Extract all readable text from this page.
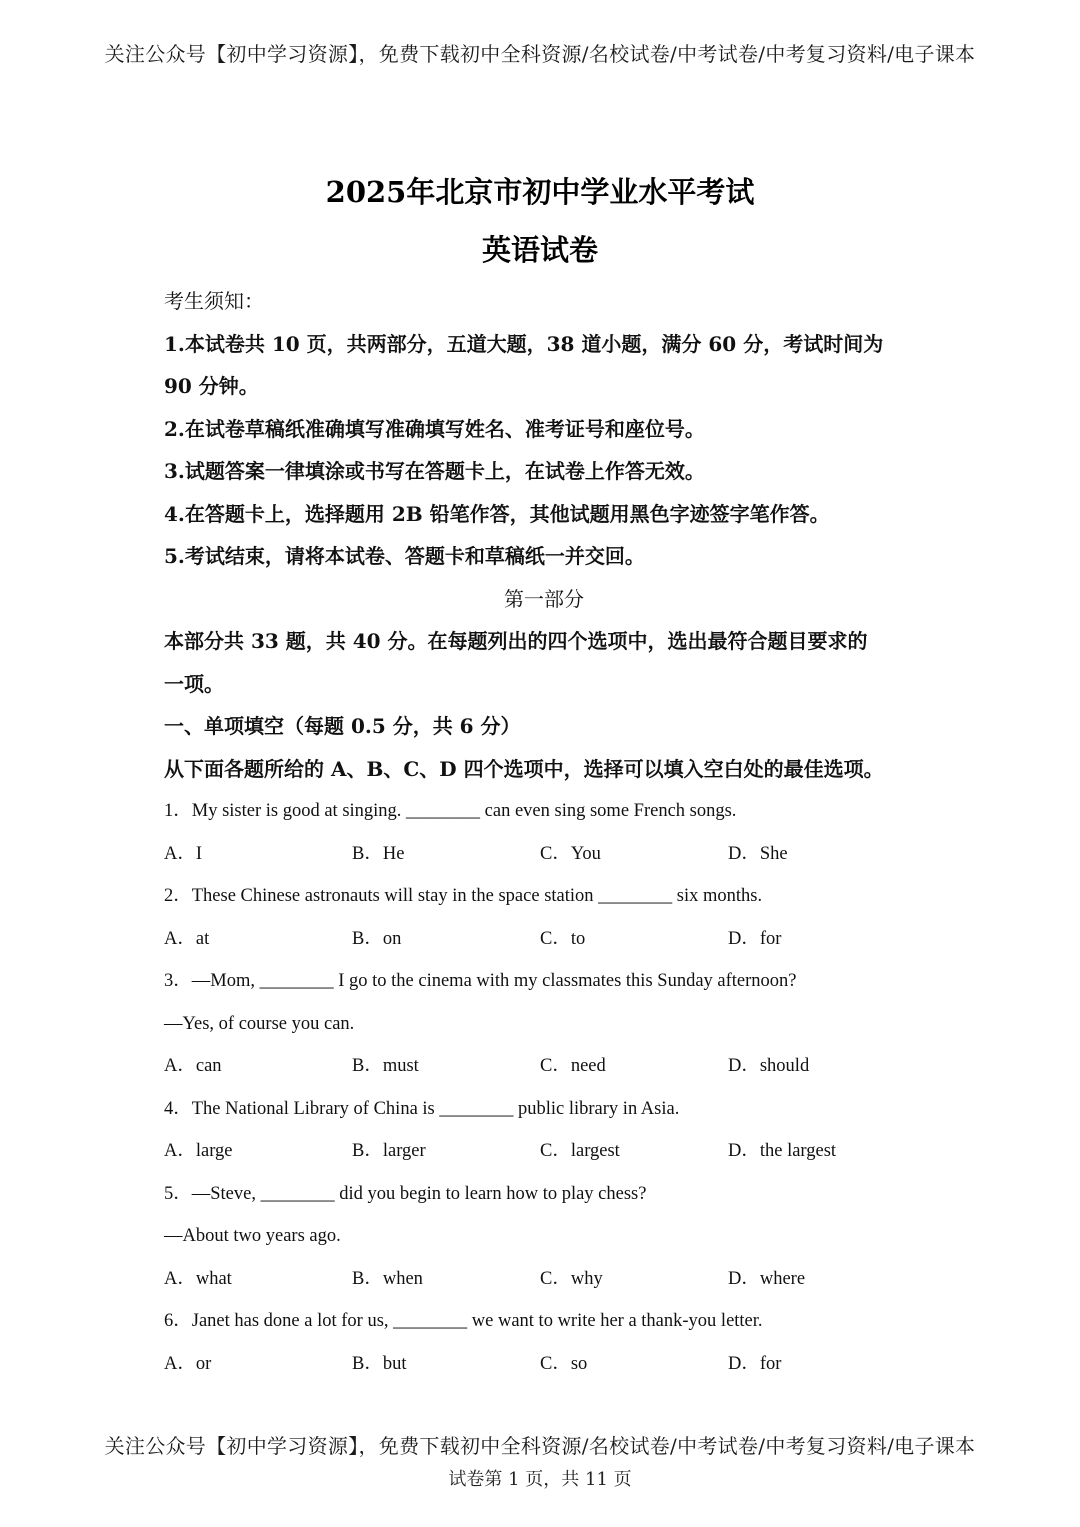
关注公众号【初中学习资源】，免费下载初中全科资源/名校试卷/中考试卷/中考复习资料/电子课本
2025年北京市初中学业水平考试
英语试卷
考生须知：
1.本试卷共 10 页，共两部分，五道大题，38 道小题，满分 60 分，考试时间为
90 分钟。
2.在试卷草稿纸准确填写准确填写姓名、准考证号和座位号。
3.试题答案一律填涂或书写在答题卡上，在试卷上作答无效。
4.在答题卡上，选择题用 2B 铅笔作答，其他试题用黑色字迹签字笔作答。
5.考试结束，请将本试卷、答题卡和草稿纸一并交回。
第一部分
本部分共 33 题，共 40 分。在每题列出的四个选项中，选出最符合题目要求的
一项。
一、单项填空（每题 0.5 分，共 6 分）
从下面各题所给的 A、B、C、D 四个选项中，选择可以填入空白处的最佳选项。
1．My sister is good at singing. ________ can even sing some French songs.
A．I	B．He	C．You	D．She
2．These Chinese astronauts will stay in the space station ________ six months.
A．at	B．on	C．to	D．for
3．—Mom, ________ I go to the cinema with my classmates this Sunday afternoon?
—Yes, of course you can.
A．can	B．must	C．need	D．should
4．The National Library of China is ________ public library in Asia.
A．large	B．larger	C．largest	D．the largest
5．—Steve, ________ did you begin to learn how to play chess?
—About two years ago.
A．what	B．when	C．why	D．where
6．Janet has done a lot for us, ________ we want to write her a thank-you letter.
A．or	B．but	C．so	D．for
关注公众号【初中学习资源】，免费下载初中全科资源/名校试卷/中考试卷/中考复习资料/电子课本
试卷第 1 页，共 11 页
